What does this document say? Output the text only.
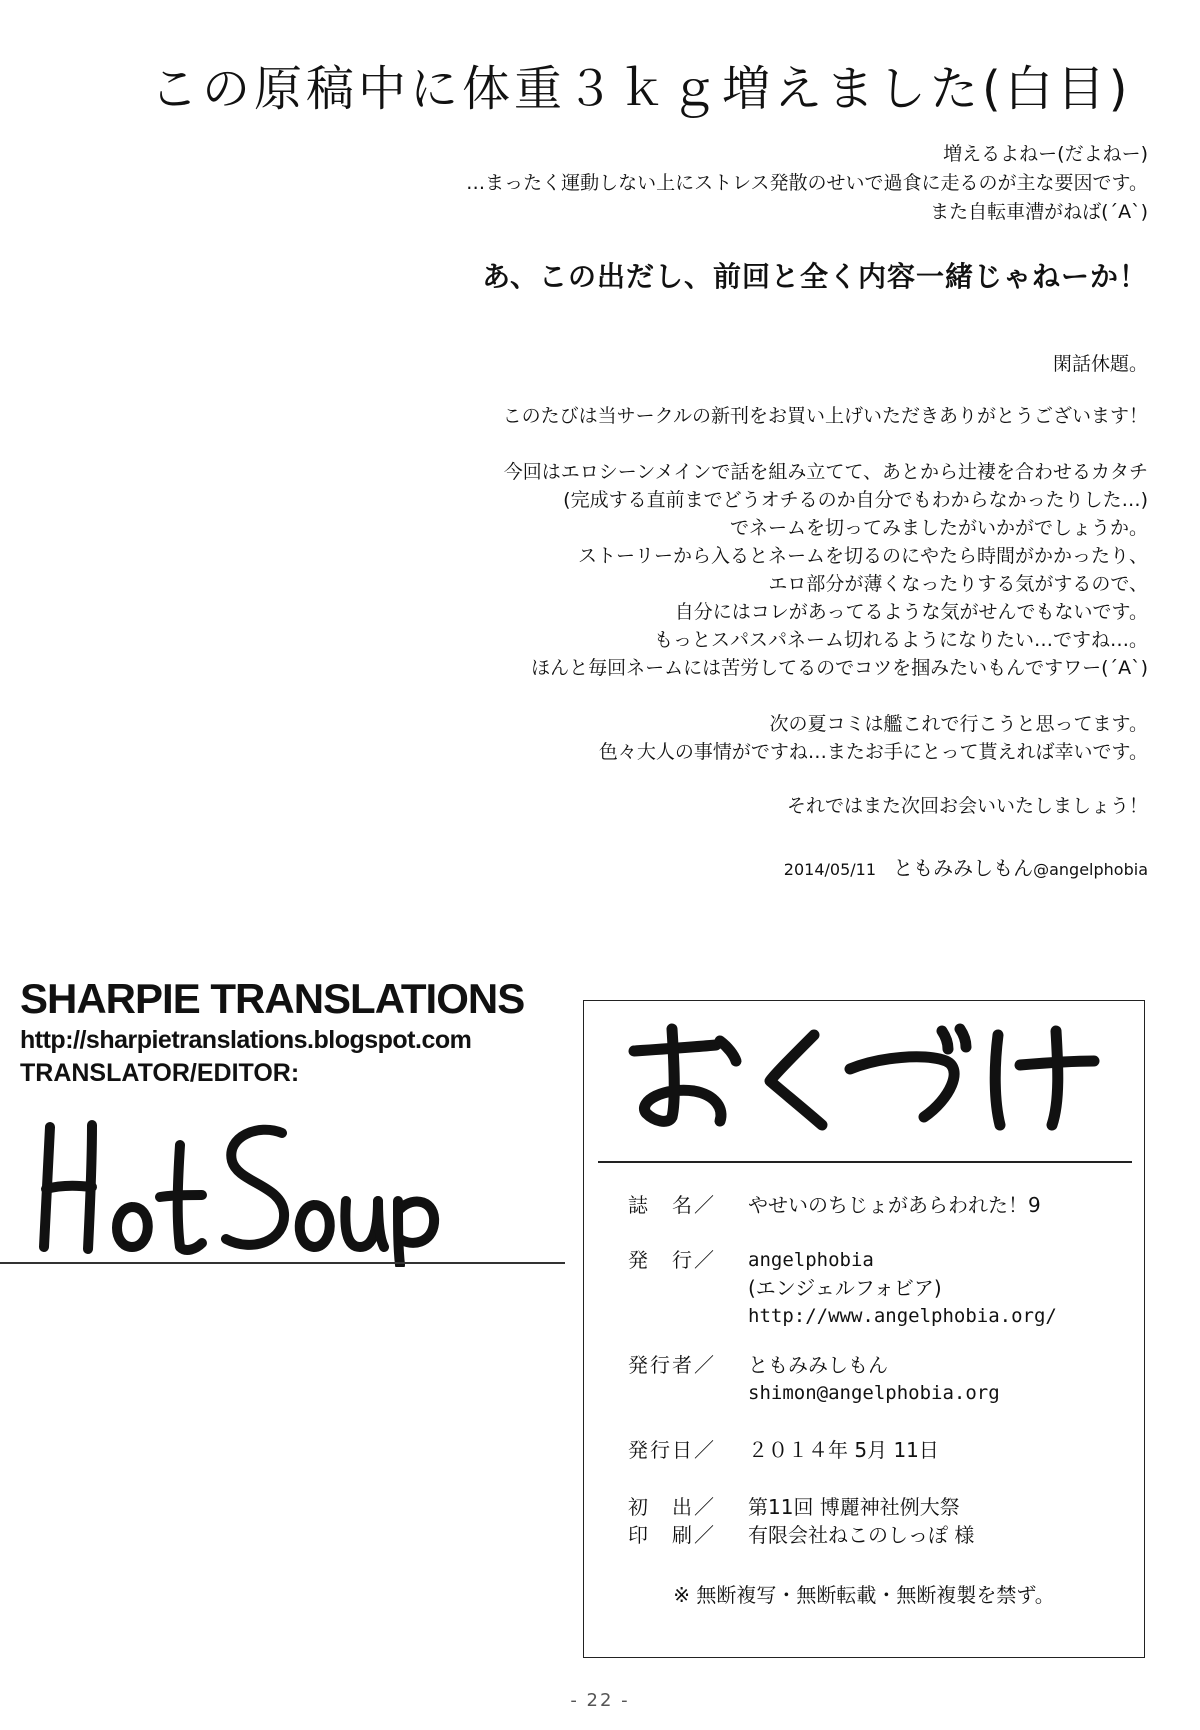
この原稿中に体重３ｋｇ増えました(白目)
増えるよねー(だよねー)
…まったく運動しない上にストレス発散のせいで過食に走るのが主な要因です。
また自転車漕がねば(´A`)
あ、この出だし、前回と全く内容一緒じゃねーか！
閑話休題。
このたびは当サークルの新刊をお買い上げいただきありがとうございます！
今回はエロシーンメインで話を組み立てて、あとから辻褄を合わせるカタチ
(完成する直前までどうオチるのか自分でもわからなかったりした…)
でネームを切ってみましたがいかがでしょうか。
ストーリーから入るとネームを切るのにやたら時間がかかったり、
エロ部分が薄くなったりする気がするので、
自分にはコレがあってるような気がせんでもないです。
もっとスパスパネーム切れるようになりたい…ですね…。
ほんと毎回ネームには苦労してるのでコツを掴みたいもんですワー(´A`)
次の夏コミは艦これで行こうと思ってます。
色々大人の事情がですね…またお手にとって貰えれば幸いです。
それではまた次回お会いいたしましょう！
2014/05/11 ともみみしもん@angelphobia
SHARPIE TRANSLATIONS
http://sharpietranslations.blogspot.com
TRANSLATOR/EDITOR:
Hot Soup
おくづけ
誌　名／	やせいのちじょがあらわれた！9
発　行／	angelphobia
(エンジェルフォビア)
http://www.angelphobia.org/
発行者／	ともみみしもん
shimon@angelphobia.org
発行日／	２０１４年 5月 11日
初　出／	第11回 博麗神社例大祭
印　刷／	有限会社ねこのしっぽ 様
※ 無断複写・無断転載・無断複製を禁ず。
- 22 -
